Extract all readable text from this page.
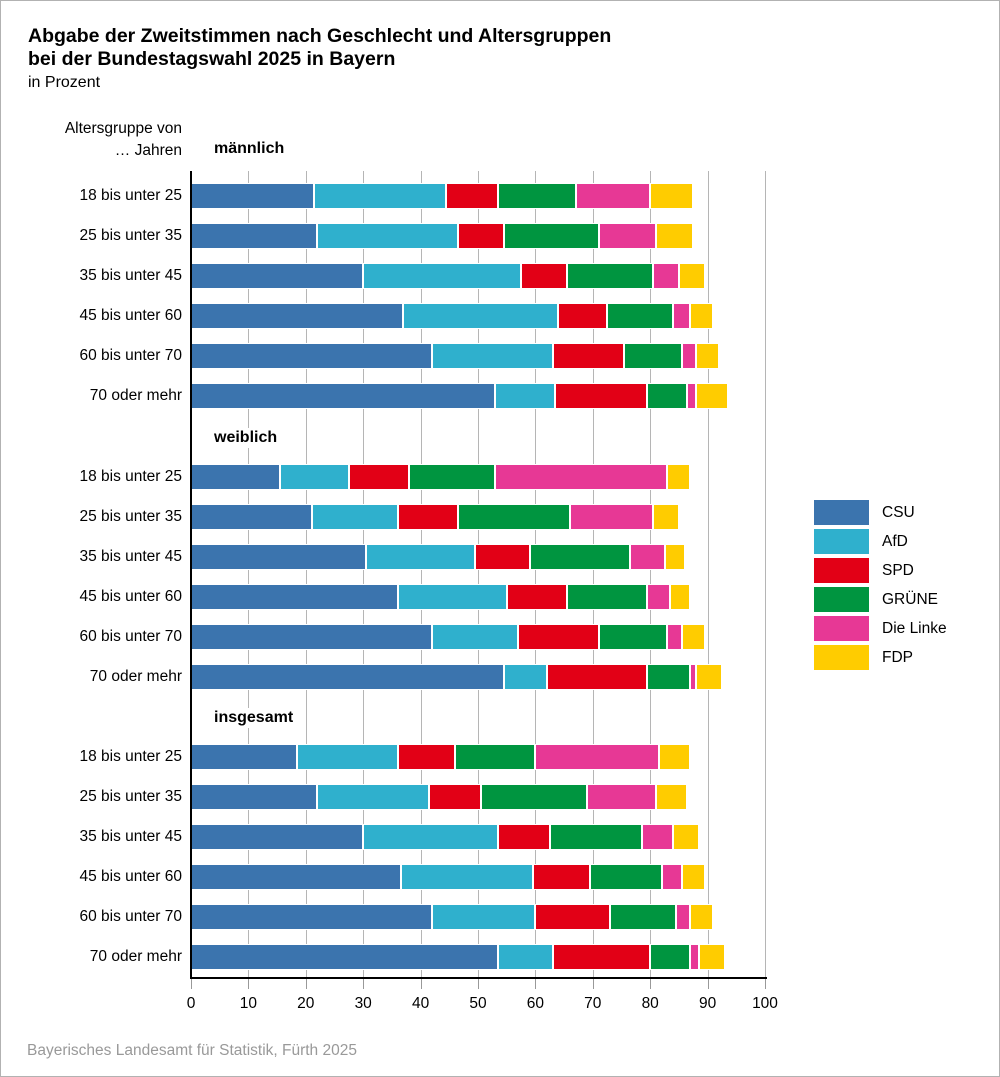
Abgabe der Zweitstimmen nach Geschlecht und Altersgruppen
bei der Bundestagswahl 2025 in Bayern
in Prozent
Altersgruppe von
… Jahren männlich
weiblich
insgesamt
0	10	20	30	40	50	60	70	80	90	100
CSU
AfD
SPD
GRÜNE
Die Linke
FDP
Bayerisches Landesamt für Statistik, Fürth 2025
18 bis unter 25
25 bis unter 35
35 bis unter 45
45 bis unter 60
60 bis unter 70
70 oder mehr
18 bis unter 25
25 bis unter 35
35 bis unter 45
45 bis unter 60
60 bis unter 70
70 oder mehr
18 bis unter 25
25 bis unter 35
35 bis unter 45
45 bis unter 60
60 bis unter 70
70 oder mehr
